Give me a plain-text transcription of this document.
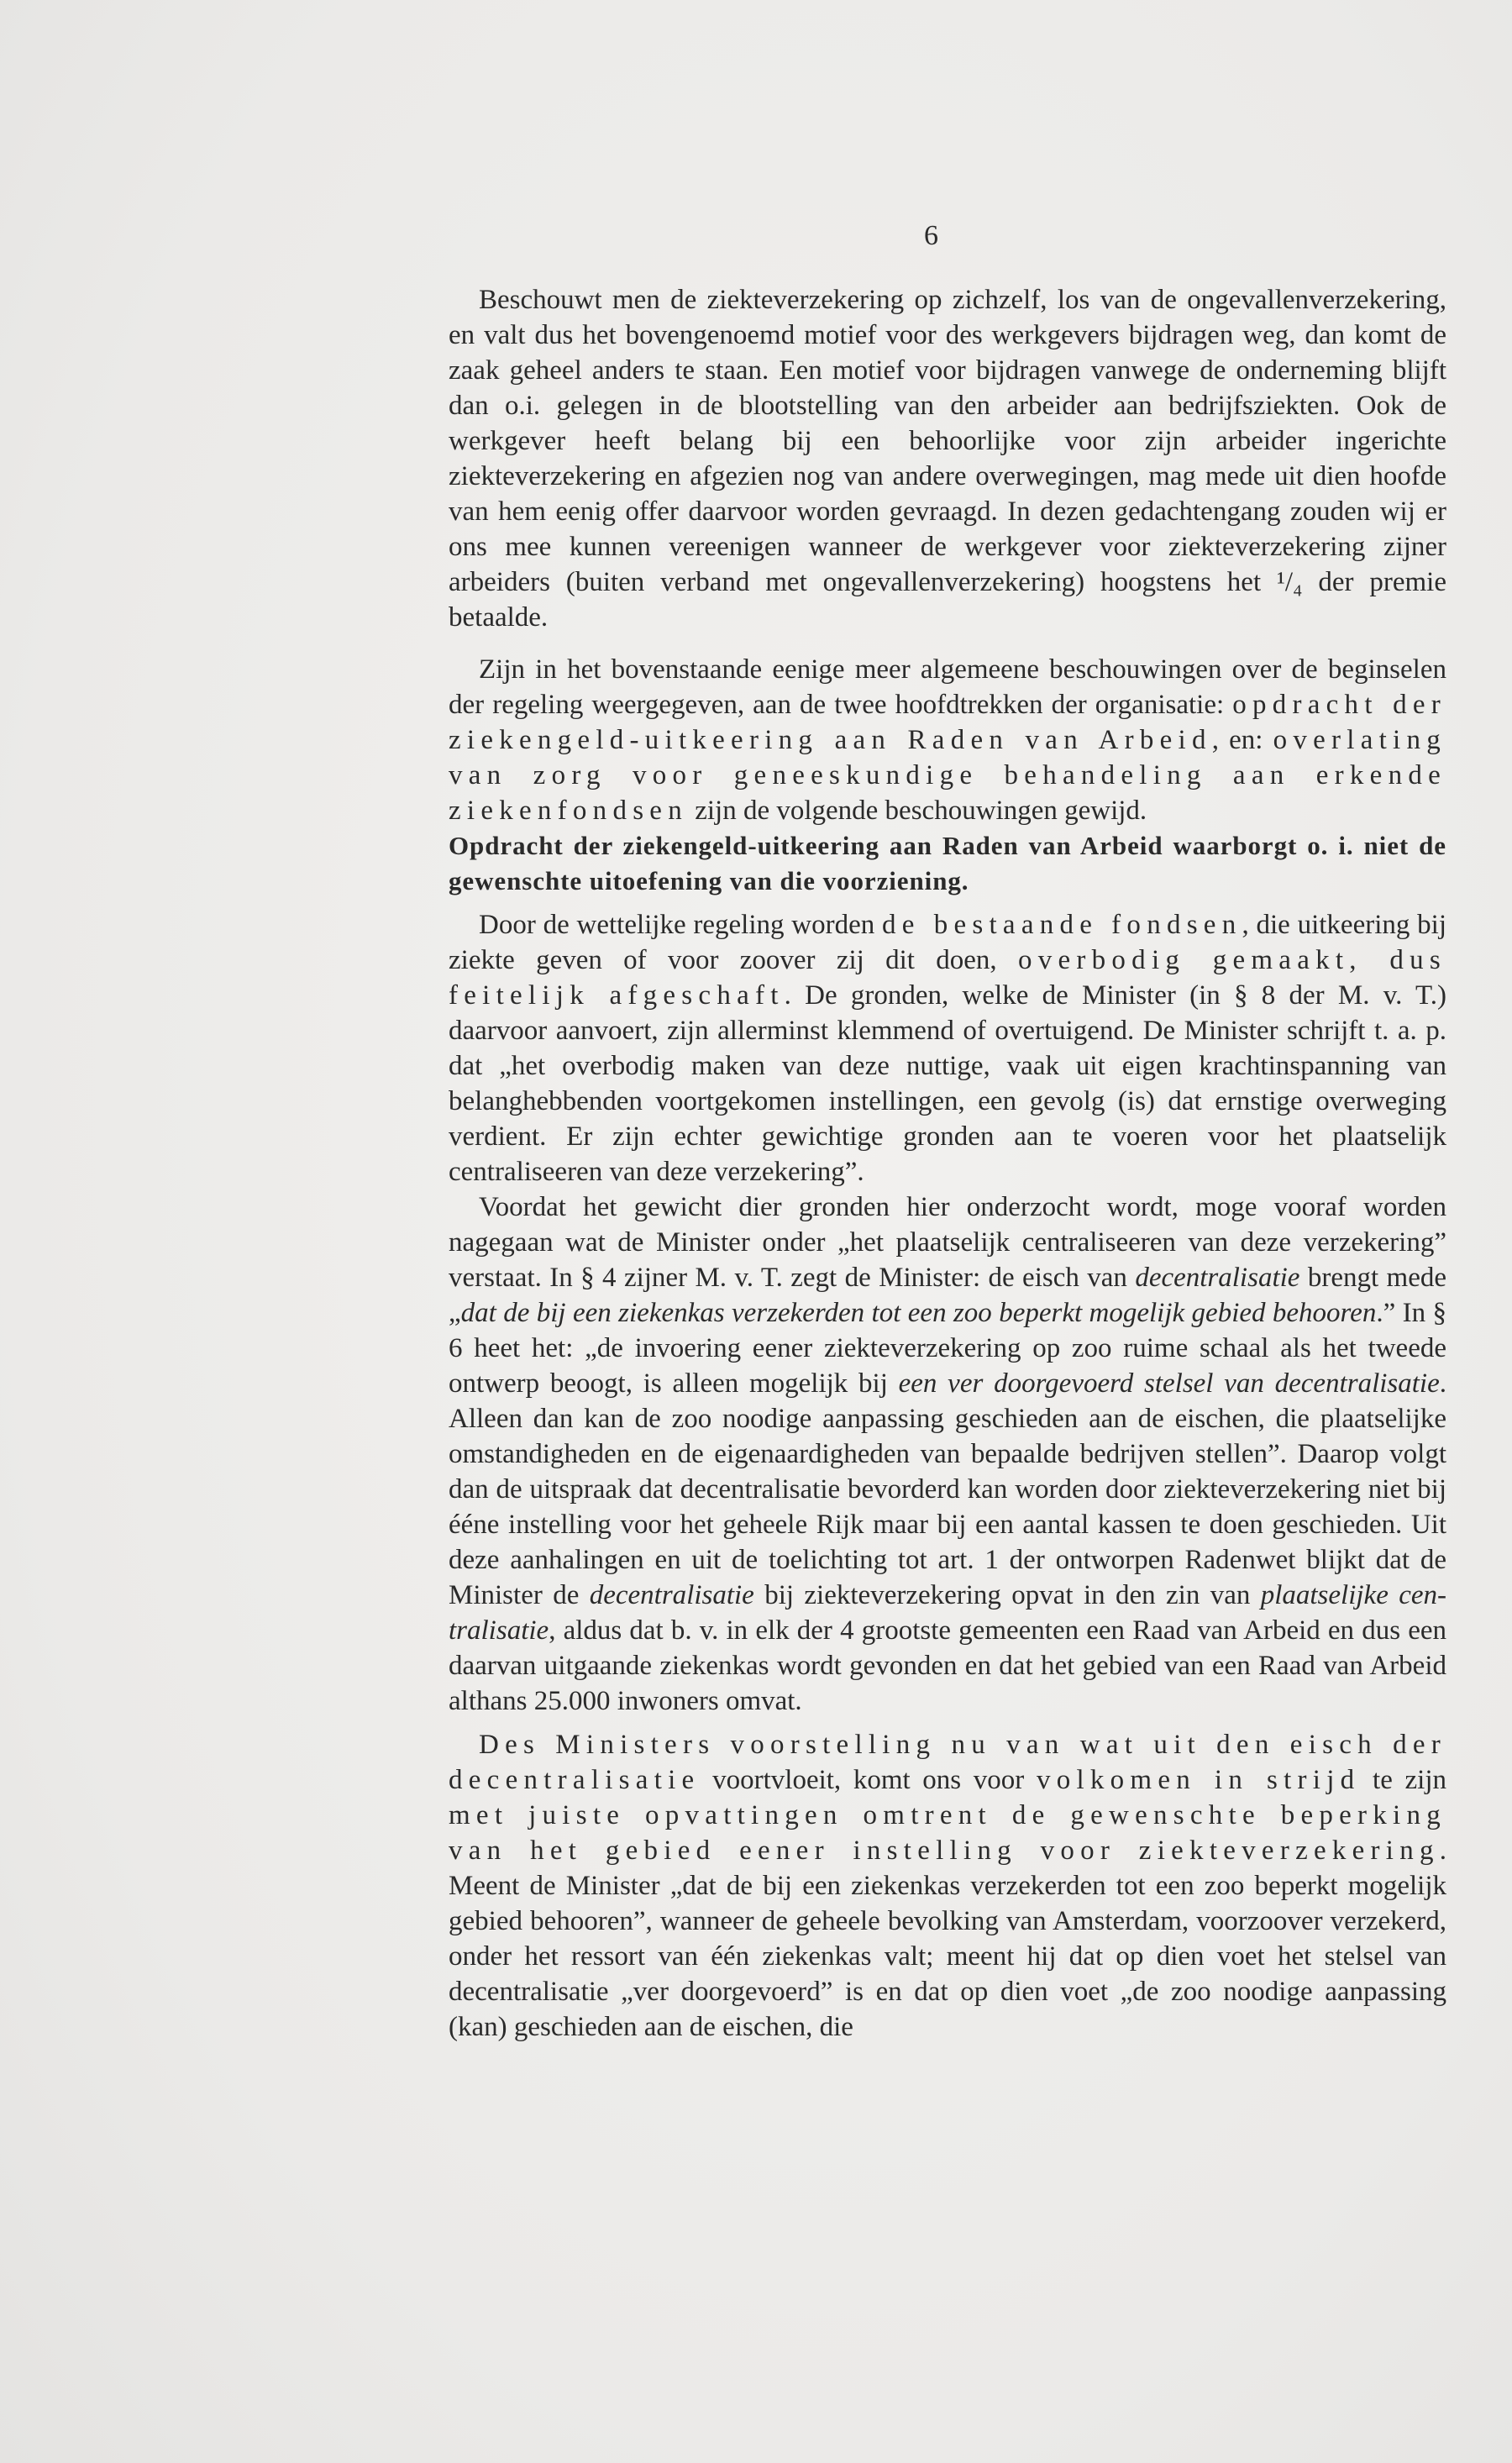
6

Beschouwt men de ziekteverzekering op zichzelf, los van de ongevallenverzekering, en valt dus het bovengenoemd motief voor des werkgevers bijdragen weg, dan komt de zaak geheel anders te staan. Een motief voor bijdragen vanwege de onderneming blijft dan o.i. gelegen in de blootstelling van den arbeider aan bedrijfsziekten. Ook de werkgever heeft belang bij een behoorlijke voor zijn arbeider ingerichte ziekteverzekering en afgezien nog van andere overwegingen, mag mede uit dien hoofde van hem eenig offer daarvoor worden gevraagd. In dezen gedachtengang zouden wij er ons mee kunnen vereenigen wanneer de werkgever voor ziekteverzekering zijner arbeiders (buiten verband met ongevallenverzekering) hoogstens het ¹/₄ der premie betaalde.

Zijn in het bovenstaande eenige meer algemeene beschouwingen over de beginselen der regeling weergegeven, aan de twee hoofdtrekken der organisatie: opdracht der ziekengeld-uitkeering aan Raden van Arbeid, en: overlating van zorg voor geneeskundige behandeling aan erkende ziekenfondsen zijn de volgende beschouwingen gewijd.

Opdracht der ziekengeld-uitkeering aan Raden van Arbeid waarborgt o. i. niet de gewenschte uitoefening van die voorziening.

Door de wettelijke regeling worden de bestaande fondsen, die uitkeering bij ziekte geven of voor zoover zij dit doen, overbodig gemaakt, dus feitelijk afgeschaft. De gronden, welke de Minister (in § 8 der M. v. T.) daarvoor aanvoert, zijn allerminst klemmend of overtuigend. De Minister schrijft t. a. p. dat „het overbodig maken van deze nuttige, vaak uit eigen krachtinspanning van belanghebbenden voortgekomen instellingen, een gevolg (is) dat ernstige overweging verdient. Er zijn echter gewichtige gronden aan te voeren voor het plaatselijk centraliseeren van deze verzekering”.

Voordat het gewicht dier gronden hier onderzocht wordt, moge vooraf worden nagegaan wat de Minister onder „het plaatselijk centraliseeren van deze verzekering” verstaat. In § 4 zijner M. v. T. zegt de Minister: de eisch van decentralisatie brengt mede „dat de bij een ziekenkas verzekerden tot een zoo beperkt mogelijk gebied behooren.” In § 6 heet het: „de invoering eener ziekteverzekering op zoo ruime schaal als het tweede ontwerp beoogt, is alleen mogelijk bij een ver doorgevoerd stelsel van decentralisatie. Alleen dan kan de zoo noodige aanpassing geschieden aan de eischen, die plaatselijke omstandigheden en de eigenaardigheden van bepaalde bedrijven stellen”. Daarop volgt dan de uitspraak dat decentralisatie bevorderd kan worden door ziekteverzekering niet bij ééne instelling voor het geheele Rijk maar bij een aantal kassen te doen geschieden. Uit deze aanhalingen en uit de toelichting tot art. 1 der ontworpen Radenwet blijkt dat de Minister de decentralisatie bij ziekteverzekering opvat in den zin van plaatselijke centralisatie, aldus dat b. v. in elk der 4 grootste gemeenten een Raad van Arbeid en dus een daarvan uitgaande ziekenkas wordt gevonden en dat het gebied van een Raad van Arbeid althans 25.000 inwoners omvat.

Des Ministers voorstelling nu van wat uit den eisch der decentralisatie voortvloeit, komt ons voor volkomen in strijd te zijn met juiste opvattingen omtrent de gewenschte beperking van het gebied eener instelling voor ziekteverzekering. Meent de Minister „dat de bij een ziekenkas verzekerden tot een zoo beperkt mogelijk gebied behooren”, wanneer de geheele bevolking van Amsterdam, voorzoover verzekerd, onder het ressort van één ziekenkas valt; meent hij dat op dien voet het stelsel van decentralisatie „ver doorgevoerd” is en dat op dien voet „de zoo noodige aanpassing (kan) geschieden aan de eischen, die
